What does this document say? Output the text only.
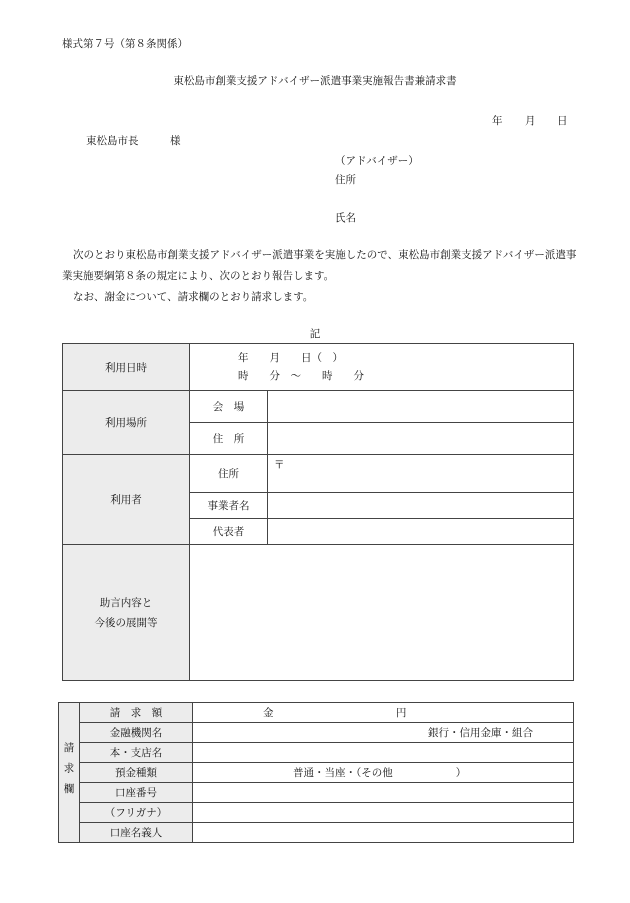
様式第７号（第８条関係）
東松島市創業支援アドバイザー派遣事業実施報告書兼請求書
年 月 日
東松島市長	様
（アドバイザー）
住所
氏名

次のとおり東松島市創業支援アドバイザー派遣事業を実施したので、東松島市創業支援アドバイザー派遣事業実施要綱第８条の規定により、次のとおり報告します。

なお、謝金について、請求欄のとおり請求します。

記
利用日時	年　　月　　日（　）
時　　分　～　　時　　分	

利用場所	会　場	
	住　所	
利用者	住所	〒
	事業者名	
	代表者	

助言内容と
今後の展開等		

請求欄	請　求　額	金 円
	金融機関名	銀行・信用金庫・組合
	本・支店名	
	預金種類	普通・当座・（その他　　　　　　）
	口座番号	
	（フリガナ）	
	口座名義人	
